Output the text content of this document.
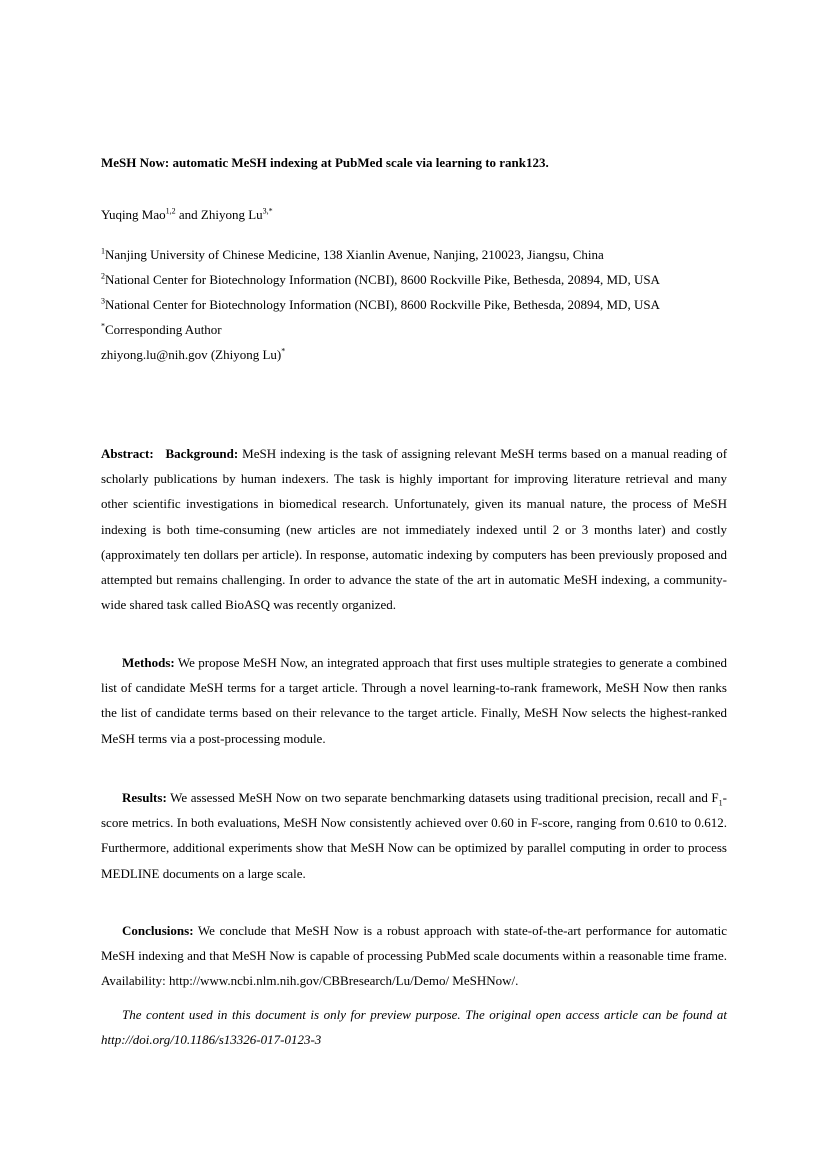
MeSH Now: automatic MeSH indexing at PubMed scale via learning to rank123.
Yuqing Mao$^{1,2}$ and Zhiyong $Lu^{3,*}$
$^1$Nanjing University of Chinese Medicine, 138 Xianlin Avenue, Nanjing, 210023, Jiangsu, China
$^2$National Center for Biotechnology Information (NCBI), 8600 Rockville Pike, Bethesda, 20894, MD, USA
$^3$National Center for Biotechnology Information (NCBI), 8600 Rockville Pike, Bethesda, 20894, MD, USA
*Corresponding Author
zhiyong.lu@nih.gov (Zhiyong Lu)*
Abstract: Background: MeSH indexing is the task of assigning relevant MeSH terms based on a manual reading of scholarly publications by human indexers. The task is highly important for improving literature retrieval and many other scientific investigations in biomedical research. Unfortunately, given its manual nature, the process of MeSH indexing is both time-consuming (new articles are not immediately indexed until 2 or 3 months later) and costly (approximately ten dollars per article). In response, automatic indexing by computers has been previously proposed and attempted but remains challenging. In order to advance the state of the art in automatic MeSH indexing, a community-wide shared task called BioASQ was recently organized.
Methods: We propose MeSH Now, an integrated approach that first uses multiple strategies to generate a combined list of candidate MeSH terms for a target article. Through a novel learning-to-rank framework, MeSH Now then ranks the list of candidate terms based on their relevance to the target article. Finally, MeSH Now selects the highest-ranked MeSH terms via a post-processing module.
Results: We assessed MeSH Now on two separate benchmarking datasets using traditional precision, recall and $F_1$-score metrics. In both evaluations, MeSH Now consistently achieved over 0.60 in F-score, ranging from 0.610 to 0.612. Furthermore, additional experiments show that MeSH Now can be optimized by parallel computing in order to process MEDLINE documents on a large scale.
Conclusions: We conclude that MeSH Now is a robust approach with state-of-the-art performance for automatic MeSH indexing and that MeSH Now is capable of processing PubMed scale documents within a reasonable time frame. Availability: http://www.ncbi.nlm.nih.gov/CBBresearch/Lu/Demo/ MeSHNow/.
The content used in this document is only for preview purpose. The original open access article can be found at http://doi.org/10.1186/s13326-017-0123-3
